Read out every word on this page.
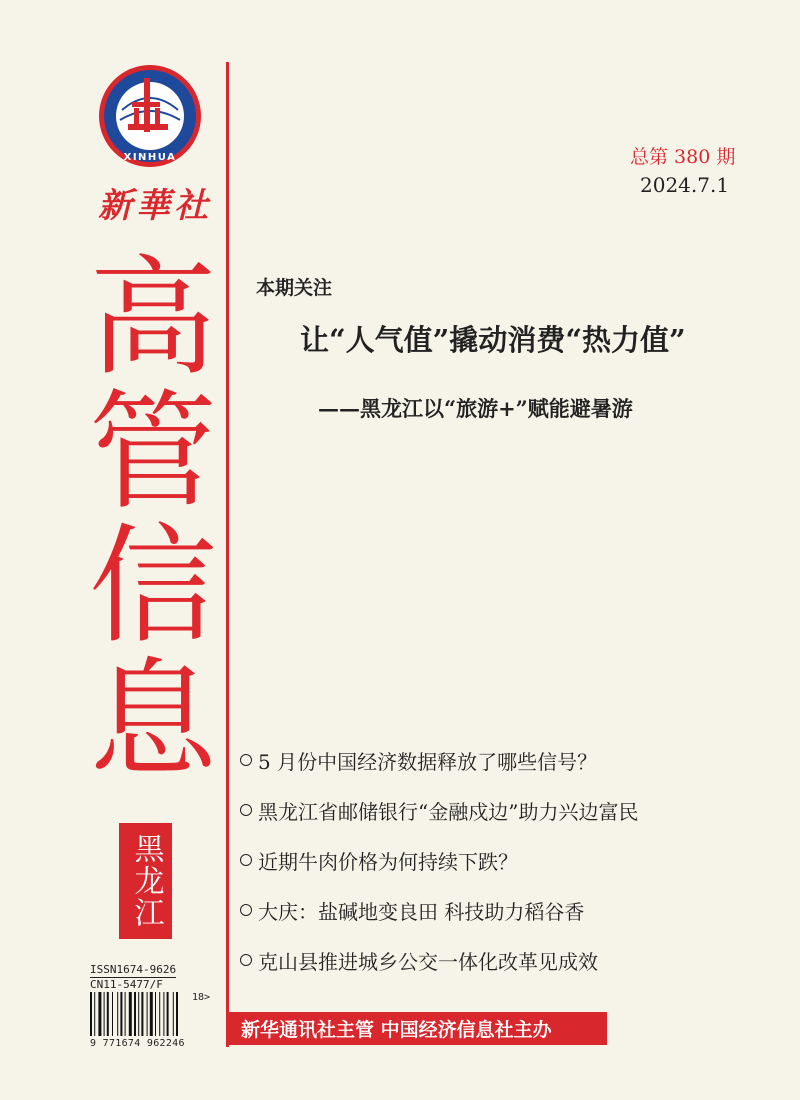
XINHUA
新華社
高
管
信
息
黑龙江
ISSN1674-9626
CN11-5477/F
18>
9 771674 962246
总第 380 期
2024.7.1
本期关注
让“人气值”撬动消费“热力值”
——黑龙江以“旅游+”赋能避暑游
5 月份中国经济数据释放了哪些信号？
黑龙江省邮储银行“金融戍边”助力兴边富民
近期牛肉价格为何持续下跌？
大庆：盐碱地变良田 科技助力稻谷香
克山县推进城乡公交一体化改革见成效
新华通讯社主管 中国经济信息社主办
